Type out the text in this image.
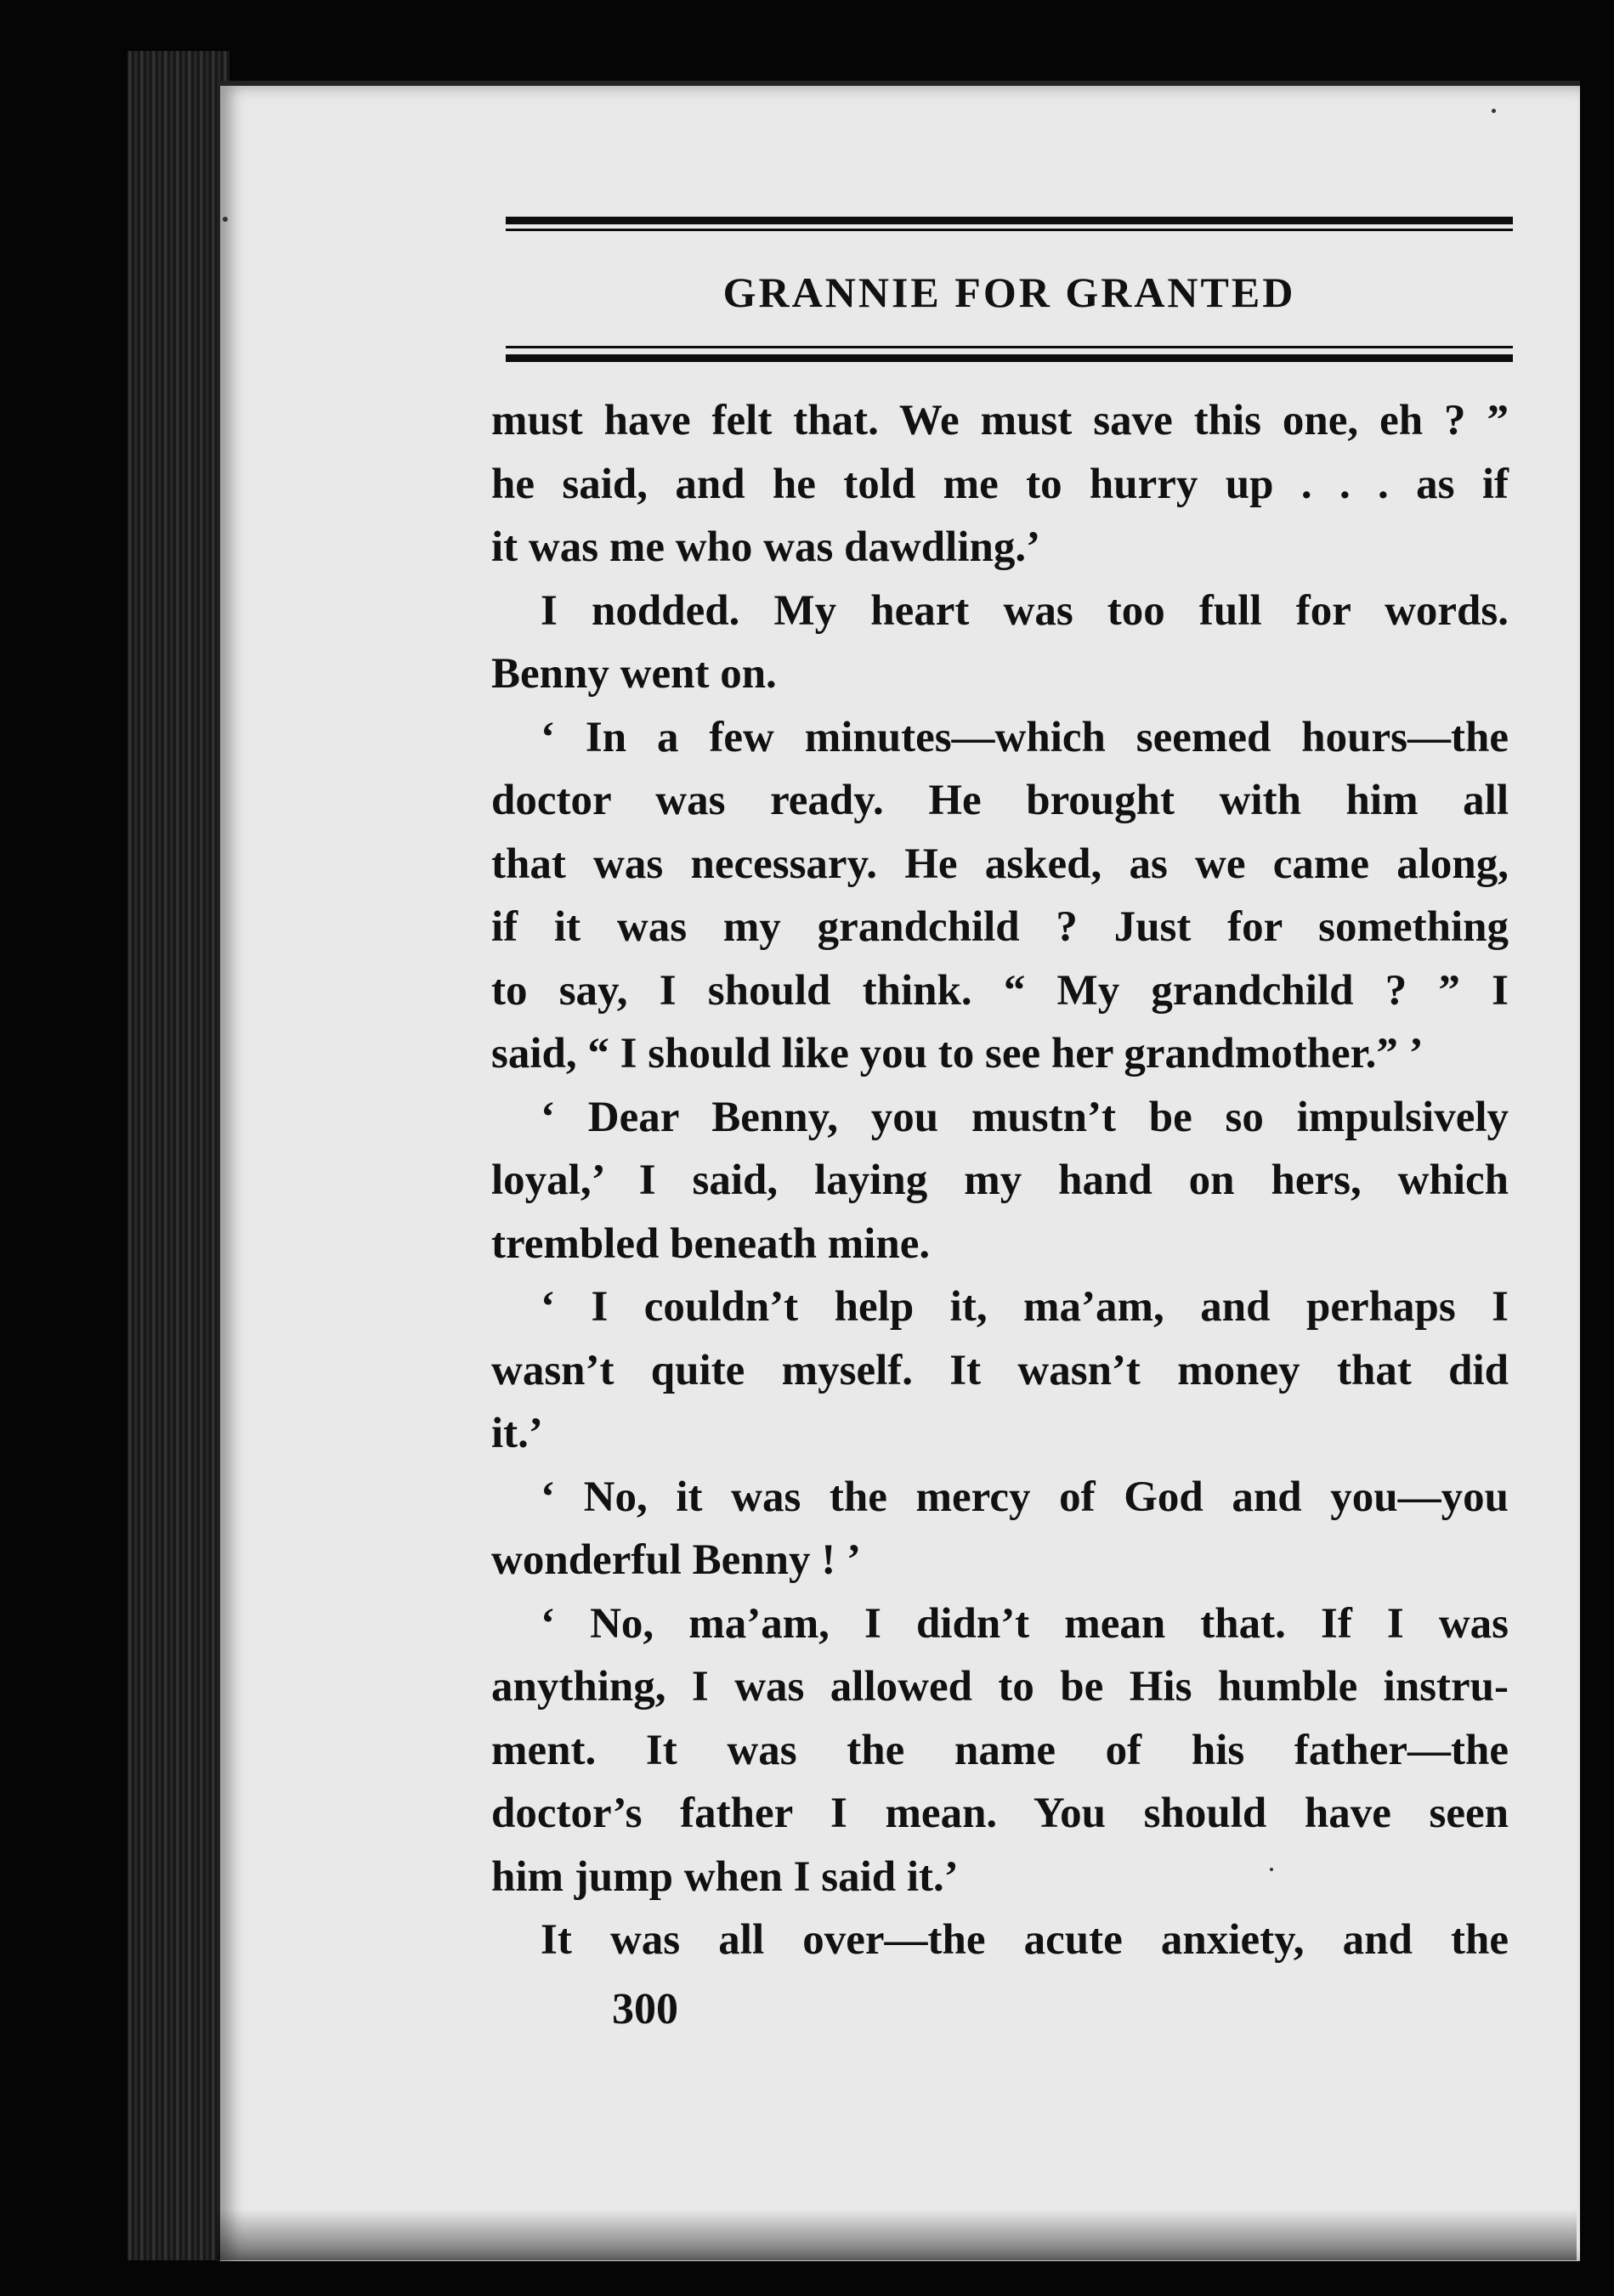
GRANNIE FOR GRANTED
must have felt that. We must save this one, eh ? ”
he said, and he told me to hurry up . . . as if
it was me who was dawdling.’
I nodded. My heart was too full for words.
Benny went on.
‘ In a few minutes—which seemed hours—the
doctor was ready. He brought with him all
that was necessary. He asked, as we came along,
if it was my grandchild ? Just for something
to say, I should think. “ My grandchild ? ” I
said, “ I should like you to see her grandmother.” ’
‘ Dear Benny, you mustn’t be so impulsively
loyal,’ I said, laying my hand on hers, which
trembled beneath mine.
‘ I couldn’t help it, ma’am, and perhaps I
wasn’t quite myself. It wasn’t money that did
it.’
‘ No, it was the mercy of God and you—you
wonderful Benny ! ’
‘ No, ma’am, I didn’t mean that. If I was
anything, I was allowed to be His humble instru-
ment. It was the name of his father—the
doctor’s father I mean. You should have seen
him jump when I said it.’
It was all over—the acute anxiety, and the
300
